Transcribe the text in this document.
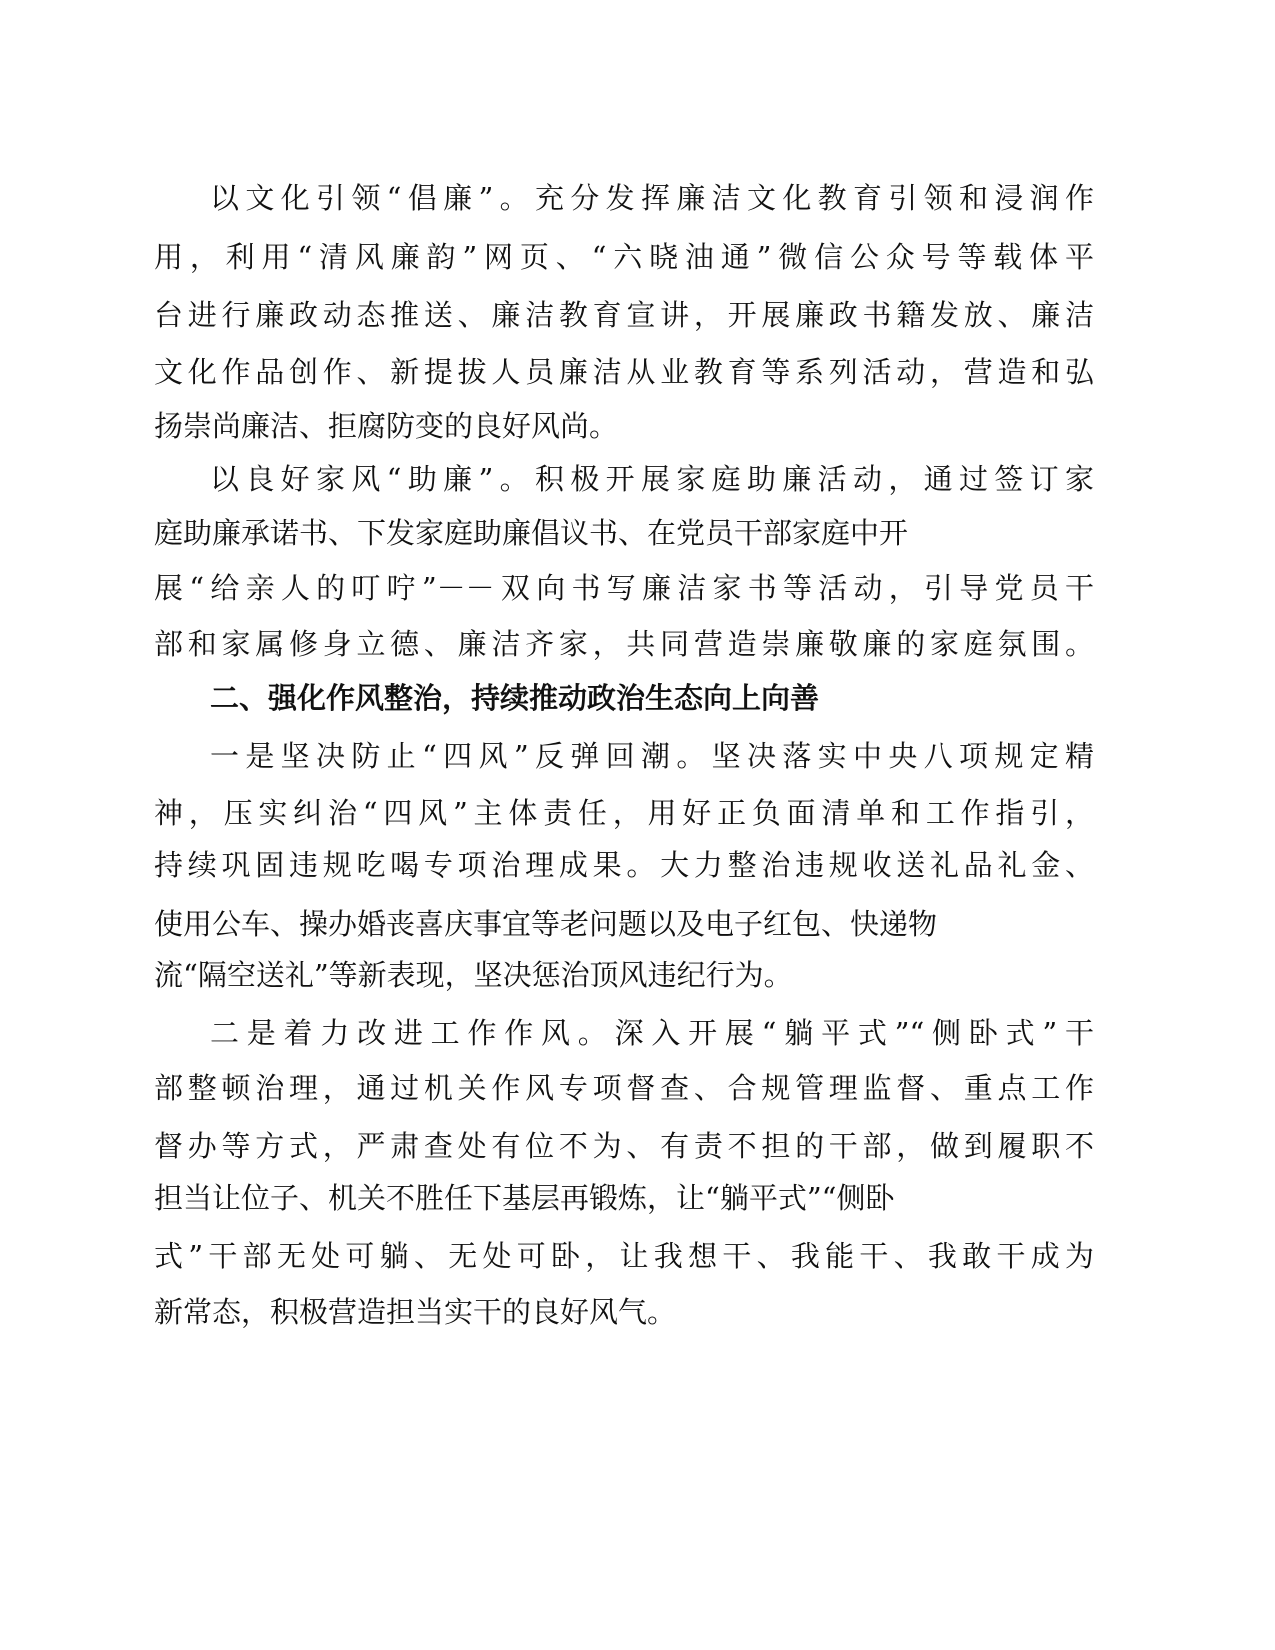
以文化引领“倡廉”。充分发挥廉洁文化教育引领和浸润作
用，利用“清风廉韵”网页、“六晓油通”微信公众号等载体平
台进行廉政动态推送、廉洁教育宣讲，开展廉政书籍发放、廉洁
文化作品创作、新提拔人员廉洁从业教育等系列活动，营造和弘
扬崇尚廉洁、拒腐防变的良好风尚。
以良好家风“助廉”。积极开展家庭助廉活动，通过签订家
庭助廉承诺书、下发家庭助廉倡议书、在党员干部家庭中开
展“给亲人的叮咛”－－双向书写廉洁家书等活动，引导党员干
部和家属修身立德、廉洁齐家，共同营造崇廉敬廉的家庭氛围。
二、强化作风整治，持续推动政治生态向上向善
一是坚决防止“四风”反弹回潮。坚决落实中央八项规定精
神，压实纠治“四风”主体责任，用好正负面清单和工作指引，
持续巩固违规吃喝专项治理成果。大力整治违规收送礼品礼金、
使用公车、操办婚丧喜庆事宜等老问题以及电子红包、快递物
流“隔空送礼”等新表现，坚决惩治顶风违纪行为。
二是着力改进工作作风。深入开展“躺平式”“侧卧式”干
部整顿治理，通过机关作风专项督查、合规管理监督、重点工作
督办等方式，严肃查处有位不为、有责不担的干部，做到履职不
担当让位子、机关不胜任下基层再锻炼，让“躺平式”“侧卧
式”干部无处可躺、无处可卧，让我想干、我能干、我敢干成为
新常态，积极营造担当实干的良好风气。
